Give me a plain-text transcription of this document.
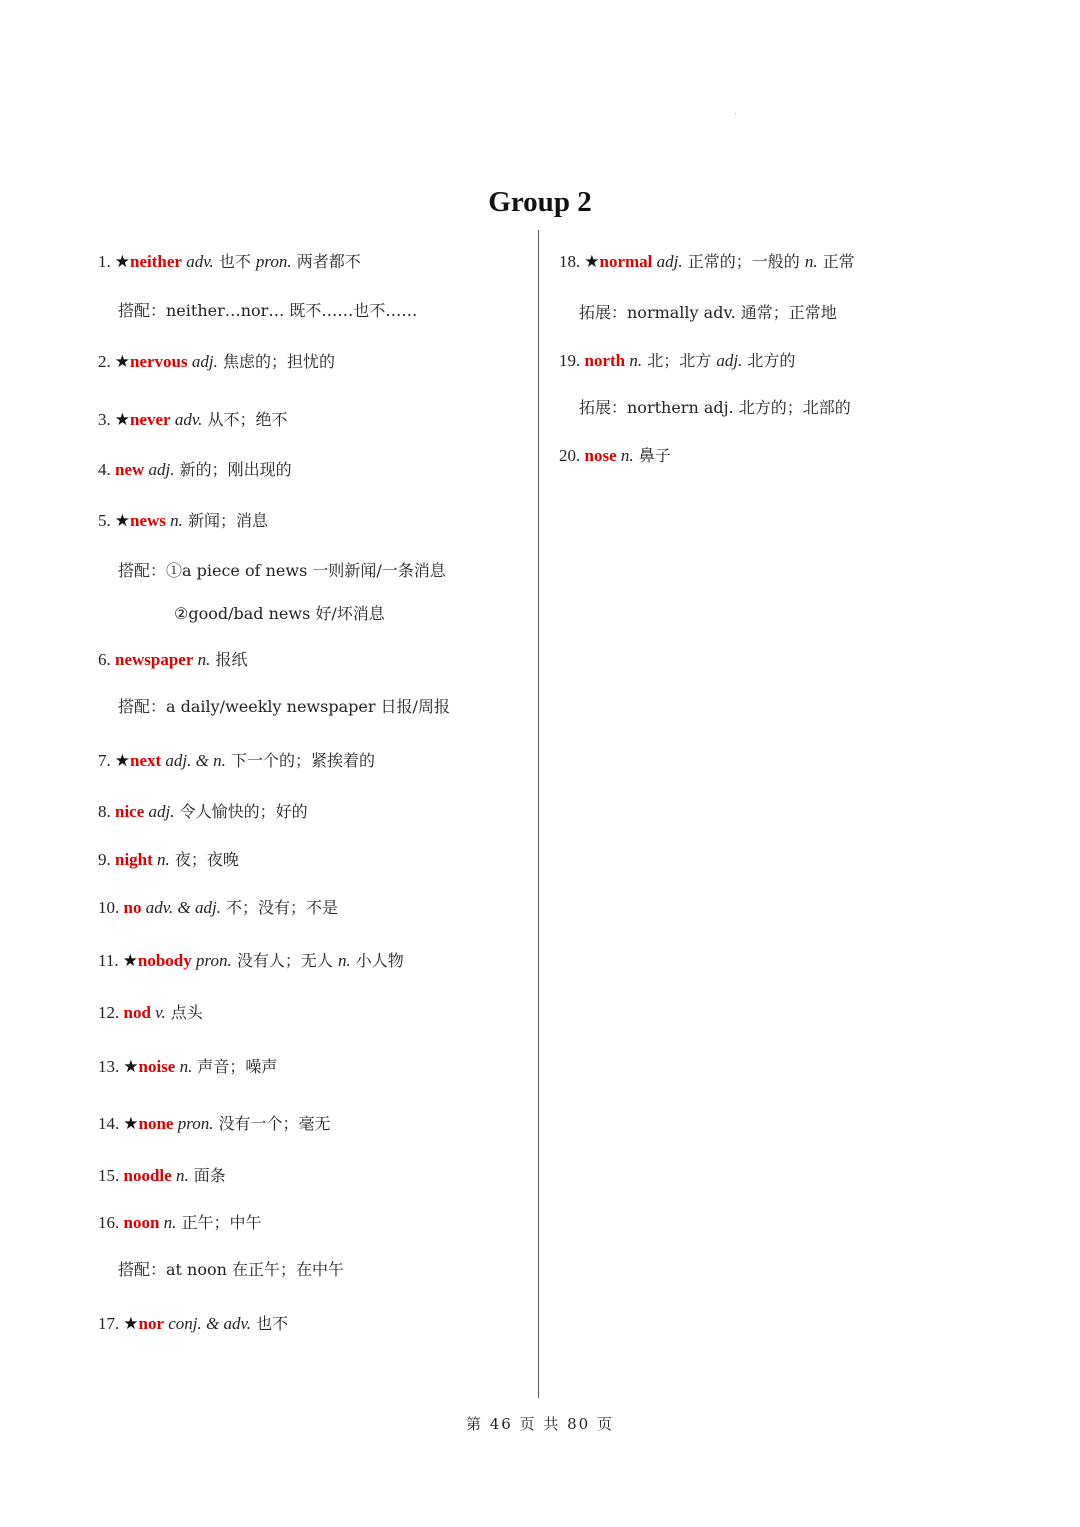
Group 2
1. ★neither adv. 也不 pron. 两者都不
搭配：neither…nor… 既不……也不……
2. ★nervous adj. 焦虑的；担忧的
3. ★never adv. 从不；绝不
4. new adj. 新的；刚出现的
5. ★news n. 新闻；消息
搭配：①a piece of news 一则新闻/一条消息
②good/bad news 好/坏消息
6. newspaper n. 报纸
搭配：a daily/weekly newspaper 日报/周报
7. ★next adj. & n. 下一个的；紧挨着的
8. nice adj. 令人愉快的；好的
9. night n. 夜；夜晚
10. no adv. & adj. 不；没有；不是
11. ★nobody pron. 没有人；无人 n. 小人物
12. nod v. 点头
13. ★noise n. 声音；噪声
14. ★none pron. 没有一个；毫无
15. noodle n. 面条
16. noon n. 正午；中午
搭配：at noon 在正午；在中午
17. ★nor conj. & adv. 也不
18. ★normal adj. 正常的；一般的 n. 正常
拓展：normally adv. 通常；正常地
19. north n. 北；北方 adj. 北方的
拓展：northern adj. 北方的；北部的
20. nose n. 鼻子
第 46 页 共 80 页
